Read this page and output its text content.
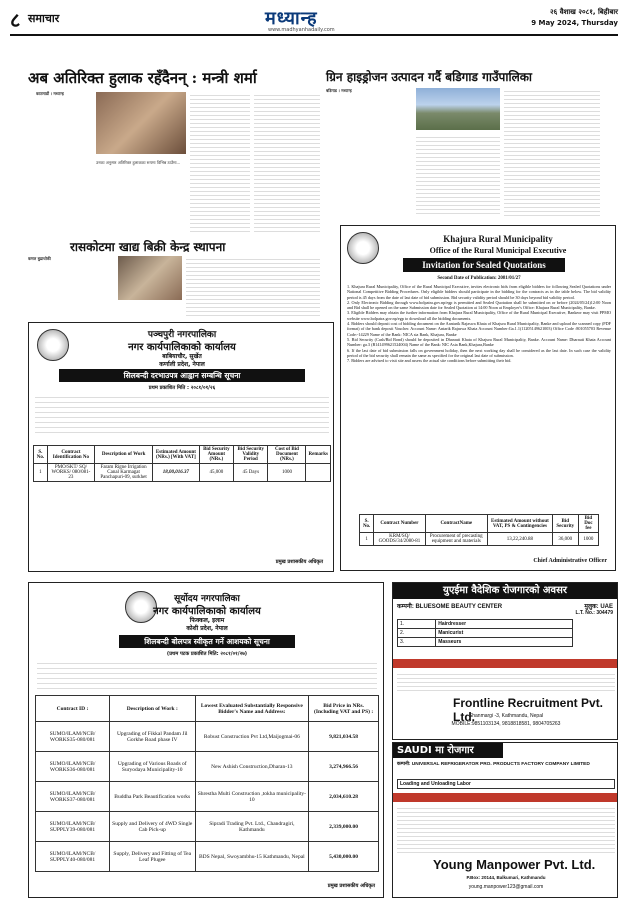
८ समाचार	मध्यान्ह
www.madhyanhadaily.com
२६ वैशाख २०८१, बिहीबार
9 May 2024, Thursday
अब अतिरिक्त हुलाक रहँदैनन् : मन्त्री शर्मा
काठमाडौं । मध्यान्ह
उनका अनुसार अतिरिक्त हुलाकका रूपमा विभिन्न ठाउँमा...
ग्रिन हाइड्रोजन उत्पादन गर्दै बडिगाड गाउँपालिका
बडिगाड । मध्यान्ह
रासकोटमा खाद्य बिक्री केन्द्र स्थापना
कमल बुढाथोकी
Khajura Rural Municipality
Office of the Rural Municipal Executive
Invitation for Sealed Quotations
Second Date of Publication: 2081/01/27

1. Khajura Rural Municipality, Office of the Rural Municipal Executive, invites electronic bids from eligible bidders for following Sealed Quotations under National Competitive Bidding Procedures. Only eligible bidders should participate in the bidding for the contracts as in the table below. The bid validity period is 45 days from the date of last date of bid submission. Bid security validity period should be 30 days beyond bid validity period.

2. Only Electronic Bidding through www.bolpatra.gov.np/egp is permitted and Sealed Quotation shall be submitted on or before (2024/05/24)12:00 Noon and Bid shall be opened on the same Submission date for Sealed Quotation at 14:00 Noon at Employer's Office: Khajura Rural Municipality, Banke.

3. Eligible Bidders may obtain the further information from Khajura Rural Municipality, Office of the Rural Municipal Executive, Bankeor may visit PPMO website www.bolpatra.gov.np/egp to download all the bidding documents.

4. Bidders should deposit cost of bidding document on the Aantarik Rajaswa Khata of Khajura Rural Municipality, Banke and upload the scanned copy (PDF format) of the bank deposit Voucher. Account Name: Antarik Rajaswa Khata Account Number:Ga.1.1(11205149621003) Office Code :801055703 Revenue Code:-14229 Name of the Bank: NICA sia Bank, Khajura, Banke

5. Bid Security (Cash/Bid Bond) should be deposited in Dharauti Khata of Khajura Rural Municipality, Banke. Account Name: Dharauti Khata Account Number: ga.3 (B141499621524004) Name of the Bank: NIC Asia Bank,Khajura,Banke

6. If the last date of bid submission falls on government holiday, then the next working day shall be considered as the last date. In such case the validity period of the bid security shall remain the same as specified for the original last date of submission.

7. Bidders are advised to visit site and assess the actual site conditions before submitting their bid.

S. No.	Contract Number	ContractName	Estimated Amount without VAT, PS & Contingencies	Bid Security	Bid Doc fee
1	KRM/SQ/ GOODS/34/2080-81	Procurement of precasting equipment and materials	13,22,240.88	36,000	1000
Chief Administrative Officer
पञ्चपुरी नगरपालिका
नगर कार्यपालिकाको कार्यालय
बाबियाचौर, सुर्खेत
कर्णाली प्रदेश, नेपाल
सिलबन्दी दरभाउपत्र आह्वान सम्बन्धि सूचना
प्रथम प्रकाशित मिति : २०८१/०१/२६
S. No.	Contract Identification No	Description of Work	Estimated Amount (NRs.) [With VAT]	Bid Security Amount (NRs.)	Bid Security Validity Period	Cost of Bid Document (NRs.)	Remarks
1	PMO/SKT/ SQ/ WORKS/ 080/081-23	Faram Rigne Irrigation Canal Karmagat Panchapuri-09, surkhet	18,00,016.37	45,000	45 Days	1000	
प्रमुख प्रशासकीय अधिकृत
सूर्योदय नगरपालिका
नगर कार्यपालिकाको कार्यालय
फिक्कल, इलाम
कोशी प्रदेश, नेपाल
शिलबन्दी बोलपत्र स्वीकृत गर्ने आशयको सूचना
(प्रथम पटक प्रकाशित मिति: २०८१/०१/२७)
Contract ID :	Description of Work :	Lowest Evaluated Substantially Responsive Bidder's Name and Address:	Bid Price in NRs. (Including VAT and PS) :
SUMO/ILAM/NCB/ WORKS35-080/081	Upgrading of Fikkal Pandam Jil Gorkhe Road phase IV	Robust Construction Pvt Ltd,Maijogmai-06	9,821,034.58
SUMO/ILAM/NCB/ WORKS36-080/081	Upgrading of Various Roads of Suryodaya Municipality-10	New Ashish Construction,Dharan-13	3,274,966.56
SUMO/ILAM/NCB/ WORKS37-080/081	Buddha Park Beautification works	Shrestha Multi Construction ,tokha municipality-10	2,034,610.28
SUMO/ILAM/NCB/ SUPPLY39-080/081	Supply and Delivery of 4WD Single Cab Pick-up	Sipradi Trading Pvt. Ltd., Chandragiri, Kathmandu	2,339,000.00
SUMO/ILAM/NCB/ SUPPLY40-080/081	Supply, Delivery and Fitting of Tea Leaf Plugee	BDS Nepal, Swoyambhu-15 Kathmandu, Nepal	5,430,000.00
प्रमुख प्रशासकीय अधिकृत
युएईमा वैदेशिक रोजगारको अवसर
कम्पनी: BLUESOME BEAUTY CENTER	मुलुक: UAE
L.T. No.: 304479
1.	Hairdresser
2.	Manicurist
3.	Masseurs
Frontline Recruitment Pvt. Ltd.
Shanmargi -3, Kathmandu, Nepal
MOBILE:9851103134, 9818818581, 9804705263
SAUDI मा रोजगार
कम्पनी: UNIVERSAL REFRIGERATOR PRO. PRODUCTS FACTORY COMPANY LIMITED
Loading and Unloading Labor
Young Manpower Pvt. Ltd.
P.Box: 20144, Balkumari, Kathmandu
young.manpower123@gmail.com
